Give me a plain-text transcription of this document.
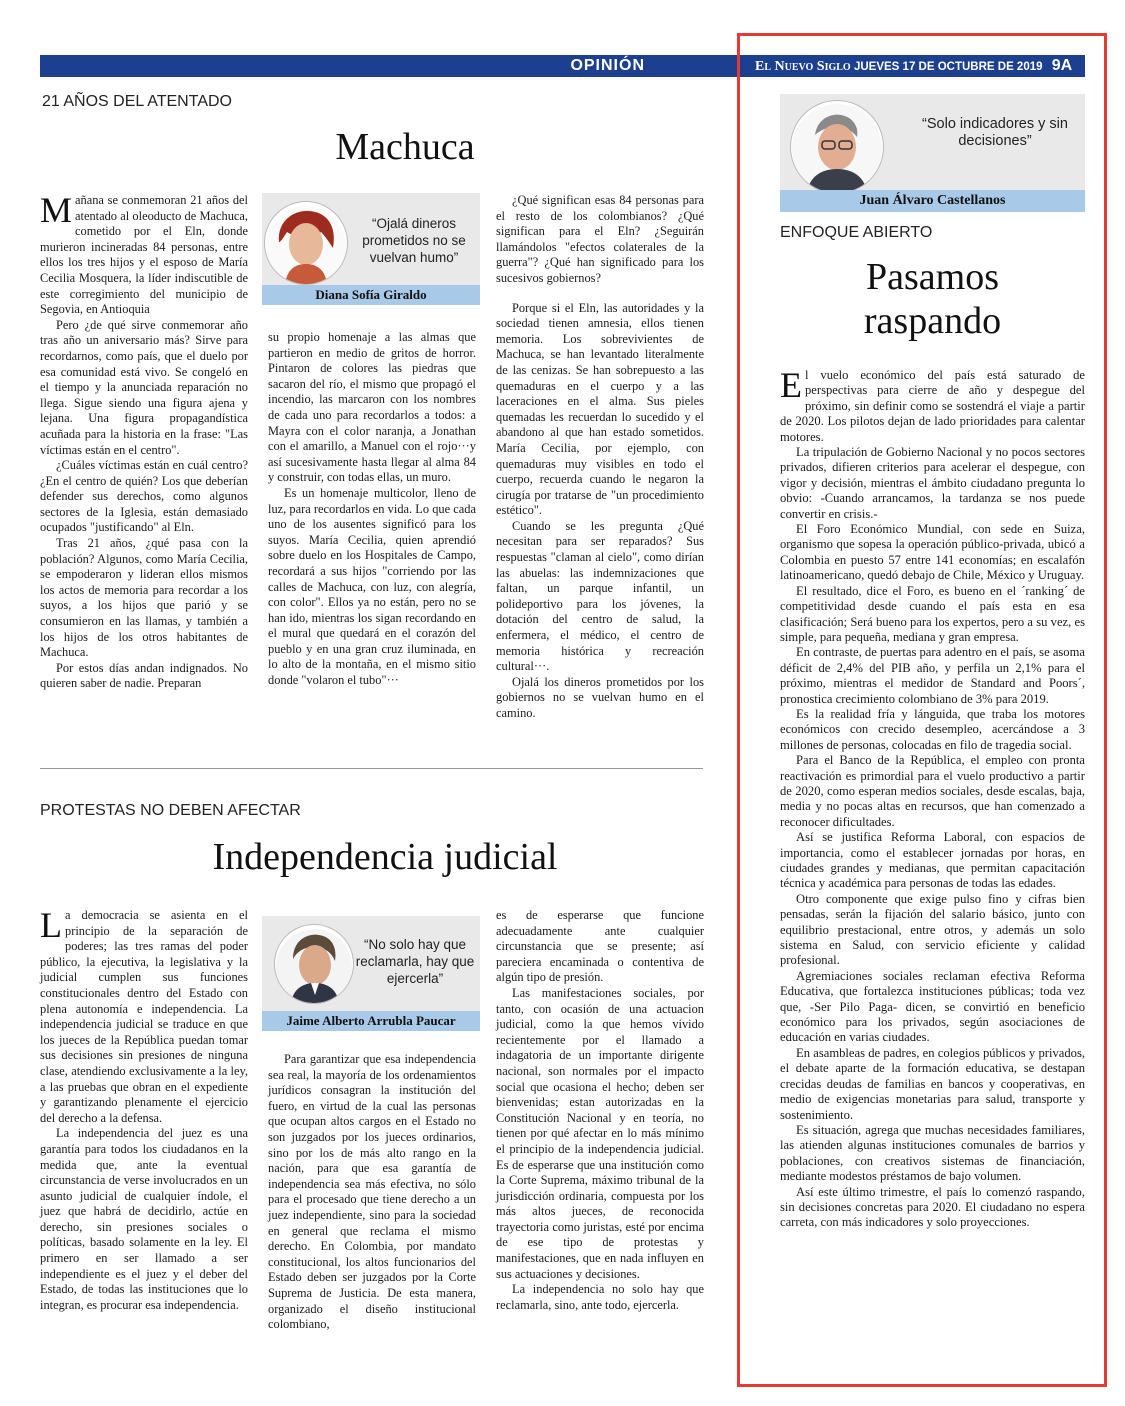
OPINIÓN	El Nuevo Siglo JUEVES 17 DE OCTUBRE DE 2019 9A
21 AÑOS DEL ATENTADO
Machuca

Mañana se conmemoran 21 años del atentado al oleoducto de Machuca, cometido por el Eln, donde murieron incineradas 84 personas, entre ellos los tres hijos y el esposo de María Cecilia Mosquera, la líder indiscutible de este corregimiento del municipio de Segovia, en Antioquia

Pero ¿de qué sirve conmemorar año tras año un aniversario más? Sirve para recordarnos, como país, que el duelo por esa comunidad está vivo. Se congeló en el tiempo y la anunciada reparación no llega. Sigue siendo una figura ajena y lejana. Una figura propagandística acuñada para la historia en la frase: "Las víctimas están en el centro".

¿Cuáles víctimas están en cuál centro? ¿En el centro de quién? Los que deberían defender sus derechos, como algunos sectores de la Iglesia, están demasiado ocupados "justificando" al Eln.

Tras 21 años, ¿qué pasa con la población? Algunos, como María Cecilia, se empoderaron y lideran ellos mismos los actos de memoria para recordar a los suyos, a los hijos que parió y se consumieron en las llamas, y también a los hijos de los otros habitantes de Machuca.

Por estos días andan indignados. No quieren saber de nadie. Preparan

“Ojalá dineros prometidos no se vuelvan humo”
Diana Sofía Giraldo

su propio homenaje a las almas que partieron en medio de gritos de horror. Pintaron de colores las piedras que sacaron del río, el mismo que propagó el incendio, las marcaron con los nombres de cada uno para recordarlos a todos: a Mayra con el color naranja, a Jonathan con el amarillo, a Manuel con el rojo···y así sucesivamente hasta llegar al alma 84 y construir, con todas ellas, un muro.

Es un homenaje multicolor, lleno de luz, para recordarlos en vida. Lo que cada uno de los ausentes significó para los suyos. María Cecilia, quien aprendió sobre duelo en los Hospitales de Campo, recordará a sus hijos "corriendo por las calles de Machuca, con luz, con alegría, con color". Ellos ya no están, pero no se han ido, mientras los sigan recordando en el mural que quedará en el corazón del pueblo y en una gran cruz iluminada, en lo alto de la montaña, en el mismo sitio donde "volaron el tubo"···

¿Qué significan esas 84 personas para el resto de los colombianos? ¿Qué significan para el Eln? ¿Seguirán llamándolos "efectos colaterales de la guerra"? ¿Qué han significado para los sucesivos gobiernos?

Porque si el Eln, las autoridades y la sociedad tienen amnesia, ellos tienen memoria. Los sobrevivientes de Machuca, se han levantado literalmente de las cenizas. Se han sobrepuesto a las quemaduras en el cuerpo y a las laceraciones en el alma. Sus pieles quemadas les recuerdan lo sucedido y el abandono al que han estado sometidos. María Cecilia, por ejemplo, con quemaduras muy visibles en todo el cuerpo, recuerda cuando le negaron la cirugía por tratarse de "un procedimiento estético".

Cuando se les pregunta ¿Qué necesitan para ser reparados? Sus respuestas "claman al cielo", como dirían las abuelas: las indemnizaciones que faltan, un parque infantil, un polideportivo para los jóvenes, la dotación del centro de salud, la enfermera, el médico, el centro de memoria histórica y recreación cultural···.

Ojalá los dineros prometidos por los gobiernos no se vuelvan humo en el camino.

PROTESTAS NO DEBEN AFECTAR
Independencia judicial

La democracia se asienta en el principio de la separación de poderes; las tres ramas del poder público, la ejecutiva, la legislativa y la judicial cumplen sus funciones constitucionales dentro del Estado con plena autonomía e independencia. La independencia judicial se traduce en que los jueces de la República puedan tomar sus decisiones sin presiones de ninguna clase, atendiendo exclusivamente a la ley, a las pruebas que obran en el expediente y garantizando plenamente el ejercicio del derecho a la defensa.

La independencia del juez es una garantía para todos los ciudadanos en la medida que, ante la eventual circunstancia de verse involucrados en un asunto judicial de cualquier índole, el juez que habrá de decidirlo, actúe en derecho, sin presiones sociales o políticas, basado solamente en la ley. El primero en ser llamado a ser independiente es el juez y el deber del Estado, de todas las instituciones que lo integran, es procurar esa independencia.

“No solo hay que reclamarla, hay que ejercerla”
Jaime Alberto Arrubla Paucar

Para garantizar que esa independencia sea real, la mayoría de los ordenamientos jurídicos consagran la institución del fuero, en virtud de la cual las personas que ocupan altos cargos en el Estado no son juzgados por los jueces ordinarios, sino por los de más alto rango en la nación, para que esa garantía de independencia sea más efectiva, no sólo para el procesado que tiene derecho a un juez independiente, sino para la sociedad en general que reclama el mismo derecho. En Colombia, por mandato constitucional, los altos funcionarios del Estado deben ser juzgados por la Corte Suprema de Justicia. De esta manera, organizado el diseño institucional colombiano,

es de esperarse que funcione adecuadamente ante cualquier circunstancia que se presente; así pareciera encaminada o contentiva de algún tipo de presión.

Las manifestaciones sociales, por tanto, con ocasión de una actuacion judicial, como la que hemos vivido recientemente por el llamado a indagatoria de un importante dirigente nacional, son normales por el impacto social que ocasiona el hecho; deben ser bienvenidas; estan autorizadas en la Constitución Nacional y en teoría, no tienen por qué afectar en lo más mínimo el principio de la independencia judicial. Es de esperarse que una institución como la Corte Suprema, máximo tribunal de la jurisdicción ordinaria, compuesta por los más altos jueces, de reconocida trayectoria como juristas, esté por encima de ese tipo de protestas y manifestaciones, que en nada influyen en sus actuaciones y decisiones.

La independencia no solo hay que reclamarla, sino, ante todo, ejercerla.

“Solo indicadores y sin decisiones”
Juan Álvaro Castellanos
ENFOQUE ABIERTO
Pasamos
raspando

El vuelo económico del país está saturado de perspectivas para cierre de año y despegue del próximo, sin definir como se sostendrá el viaje a partir de 2020. Los pilotos dejan de lado prioridades para calentar motores.

La tripulación de Gobierno Nacional y no pocos sectores privados, difieren criterios para acelerar el despegue, con vigor y decisión, mientras el ámbito ciudadano pregunta lo obvio: -Cuando arrancamos, la tardanza se nos puede convertir en crisis.-

El Foro Económico Mundial, con sede en Suiza, organismo que sopesa la operación público-privada, ubicó a Colombia en puesto 57 entre 141 economías; en escalafón latinoamericano, quedó debajo de Chile, México y Uruguay.

El resultado, dice el Foro, es bueno en el ´ranking´ de competitividad desde cuando el país esta en esa clasificación; Será bueno para los expertos, pero a su vez, es simple, para pequeña, mediana y gran empresa.

En contraste, de puertas para adentro en el país, se asoma déficit de 2,4% del PIB año, y perfila un 2,1% para el próximo, mientras el medidor de Standard and Poors´, pronostica crecimiento colombiano de 3% para 2019.

Es la realidad fría y lánguida, que traba los motores económicos con crecido desempleo, acercándose a 3 millones de personas, colocadas en filo de tragedia social.

Para el Banco de la República, el empleo con pronta reactivación es primordial para el vuelo productivo a partir de 2020, como esperan medios sociales, desde escalas, baja, media y no pocas altas en recursos, que han comenzado a reconocer dificultades.

Así se justifica Reforma Laboral, con espacios de importancia, como el establecer jornadas por horas, en ciudades grandes y medianas, que permitan capacitación técnica y académica para personas de todas las edades.

Otro componente que exige pulso fino y cifras bien pensadas, serán la fijación del salario básico, junto con equilibrio prestacional, entre otros, y además un solo sistema en Salud, con servicio eficiente y calidad profesional.

Agremiaciones sociales reclaman efectiva Reforma Educativa, que fortalezca instituciones públicas; toda vez que, -Ser Pilo Paga- dicen, se convirtió en beneficio económico para los privados, según asociaciones de educación en varias ciudades.

En asambleas de padres, en colegios públicos y privados, el debate aparte de la formación educativa, se destapan crecidas deudas de familias en bancos y cooperativas, en medio de exigencias monetarias para salud, transporte y sostenimiento.

Es situación, agrega que muchas necesidades familiares, las atienden algunas instituciones comunales de barrios y poblaciones, con creativos sistemas de financiación, mediante modestos préstamos de bajo volumen.

Así este último trimestre, el país lo comenzó raspando, sin decisiones concretas para 2020. El ciudadano no espera carreta, con más indicadores y solo proyecciones.
